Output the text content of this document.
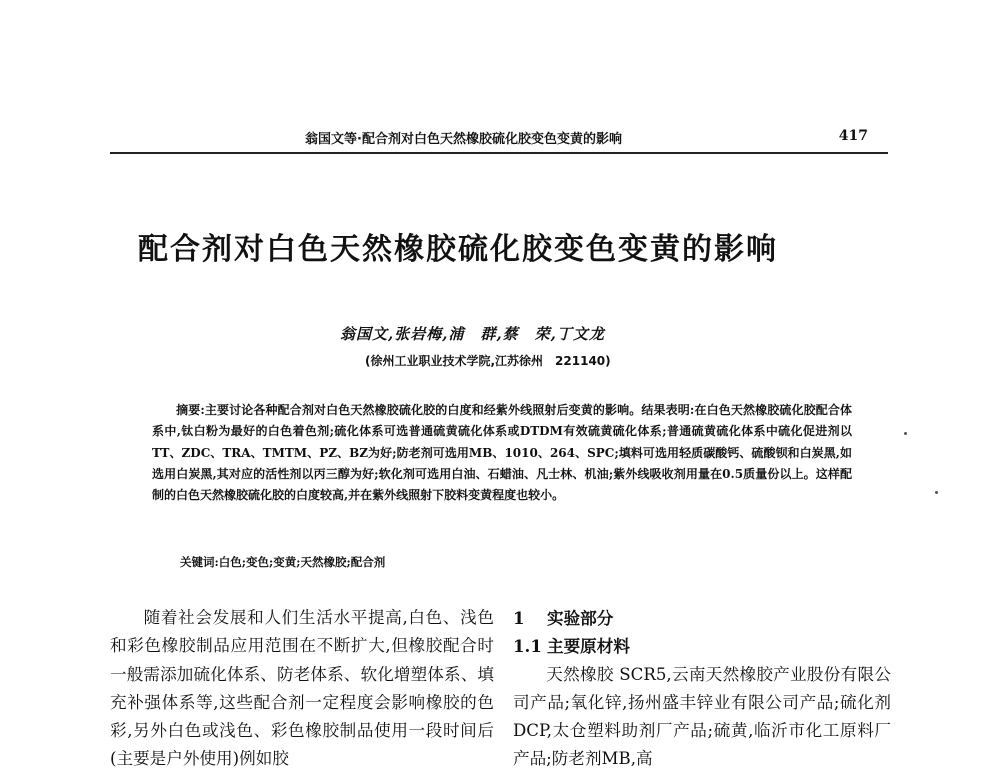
翁国文等·配合剂对白色天然橡胶硫化胶变色变黄的影响	417
配合剂对白色天然橡胶硫化胶变色变黄的影响
翁国文,张岩梅,浦　群,蔡　荣,丁文龙
(徐州工业职业技术学院,江苏徐州　221140)
摘要:主要讨论各种配合剂对白色天然橡胶硫化胶的白度和经紫外线照射后变黄的影响。结果表明:在白色天然橡胶硫化胶配合体系中,钛白粉为最好的白色着色剂;硫化体系可选普通硫黄硫化体系或DTDM有效硫黄硫化体系;普通硫黄硫化体系中硫化促进剂以TT、ZDC、TRA、TMTM、PZ、BZ为好;防老剂可选用MB、1010、264、SPC;填料可选用轻质碳酸钙、硫酸钡和白炭黑,如选用白炭黑,其对应的活性剂以丙三醇为好;软化剂可选用白油、石蜡油、凡士林、机油;紫外线吸收剂用量在0.5质量份以上。这样配制的白色天然橡胶硫化胶的白度较高,并在紫外线照射下胶料变黄程度也较小。
关键词:白色;变色;变黄;天然橡胶;配合剂
随着社会发展和人们生活水平提高,白色、浅色和彩色橡胶制品应用范围在不断扩大,但橡胶配合时一般需添加硫化体系、防老体系、软化增塑体系、填充补强体系等,这些配合剂一定程度会影响橡胶的色彩,另外白色或浅色、彩色橡胶制品使用一段时间后(主要是户外使用)例如胶
1 实验部分
1.1 主要原材料
天然橡胶 SCR5,云南天然橡胶产业股份有限公司产品;氧化锌,扬州盛丰锌业有限公司产品;硫化剂 DCP,太仓塑料助剂厂产品;硫黄,临沂市化工原料厂产品;防老剂MB,高
